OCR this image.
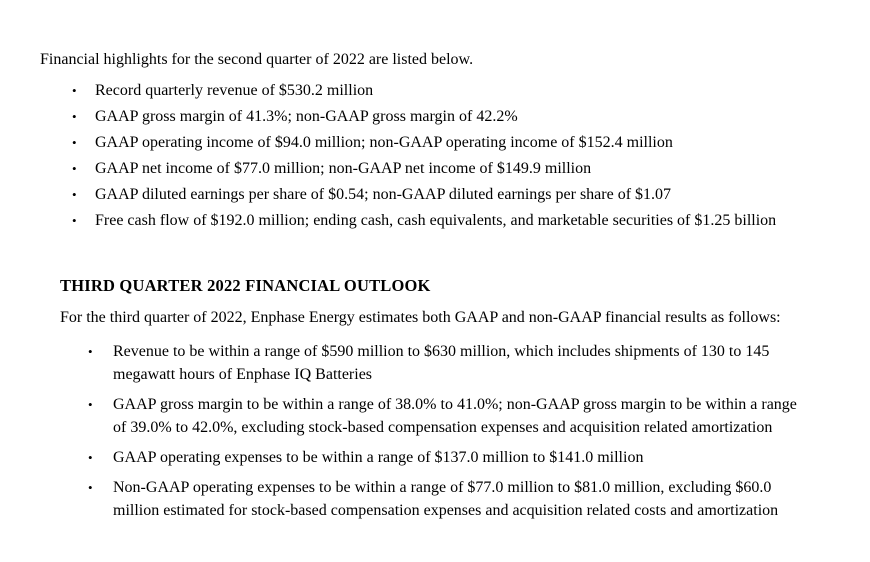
Financial highlights for the second quarter of 2022 are listed below.

•	Record quarterly revenue of $530.2 million
•	GAAP gross margin of 41.3%; non-GAAP gross margin of 42.2%
•	GAAP operating income of $94.0 million; non-GAAP operating income of $152.4 million
•	GAAP net income of $77.0 million; non-GAAP net income of $149.9 million
•	GAAP diluted earnings per share of $0.54; non-GAAP diluted earnings per share of $1.07
•	Free cash flow of $192.0 million; ending cash, cash equivalents, and marketable securities of $1.25 billion
THIRD QUARTER 2022 FINANCIAL OUTLOOK

For the third quarter of 2022, Enphase Energy estimates both GAAP and non-GAAP financial results as follows:

•	Revenue to be within a range of $590 million to $630 million, which includes shipments of 130 to 145
megawatt hours of Enphase IQ Batteries
•	GAAP gross margin to be within a range of 38.0% to 41.0%; non-GAAP gross margin to be within a range
of 39.0% to 42.0%, excluding stock-based compensation expenses and acquisition related amortization
•	GAAP operating expenses to be within a range of $137.0 million to $141.0 million
•	Non-GAAP operating expenses to be within a range of $77.0 million to $81.0 million, excluding $60.0
million estimated for stock-based compensation expenses and acquisition related costs and amortization
